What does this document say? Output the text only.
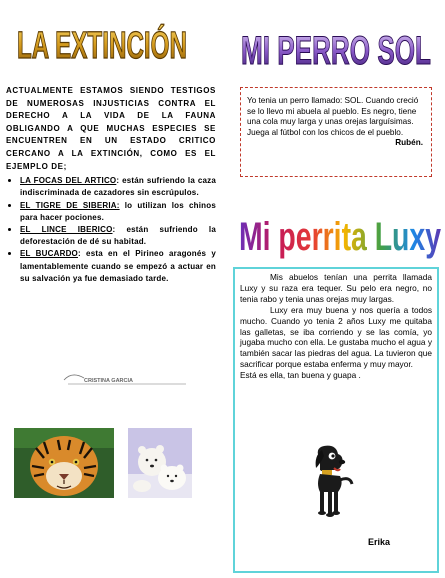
LA EXTINCIÓN
MI PERRO SOL

ACTUALMENTE ESTAMOS SIENDO TESTIGOS DE NUMEROSAS INJUSTICIAS CONTRA EL DERECHO A LA VIDA DE LA FAUNA OBLIGANDO A QUE MUCHAS ESPECIES SE ENCUENTREN EN UN ESTADO CRITICO CERCANO A LA EXTINCIÓN, COMO ES EL EJEMPLO DE;

• LA FOCAS DEL ARTICO: están sufriendo la caza indiscriminada de cazadores sin escrúpulos.
• EL TIGRE DE SIBERIA: lo utilizan los chinos para hacer pociones.
• EL LINCE IBERICO: están sufriendo la deforestación de dé su habitad.
• EL BUCARDO: esta en el Pirineo aragonés y lamentablemente cuando se empezó a actuar en su salvación ya fue demasiado tarde.
CRISTINA GARCIA

Yo tenia un perro llamado: SOL. Cuando creció se lo llevo mi abuela al pueblo. Es negro, tiene una cola muy larga y unas orejas larguísimas. Juega al fútbol con los chicos de el pueblo.

Rubén.

Mi perrita Luxy

Mis abuelos tenían una perrita llamada Luxy y su raza era tequer. Su pelo era negro, no tenia rabo y tenia unas orejas muy largas.

Luxy era muy buena y nos quería a todos mucho. Cuando yo tenia 2 años Luxy me quitaba las galletas, se iba corriendo y se las comía, yo jugaba mucho con ella. Le gustaba mucho el agua y también sacar las piedras del agua. La tuvieron que sacrificar porque estaba enferma y muy mayor.

Está es ella, tan buena y guapa .

Erika
